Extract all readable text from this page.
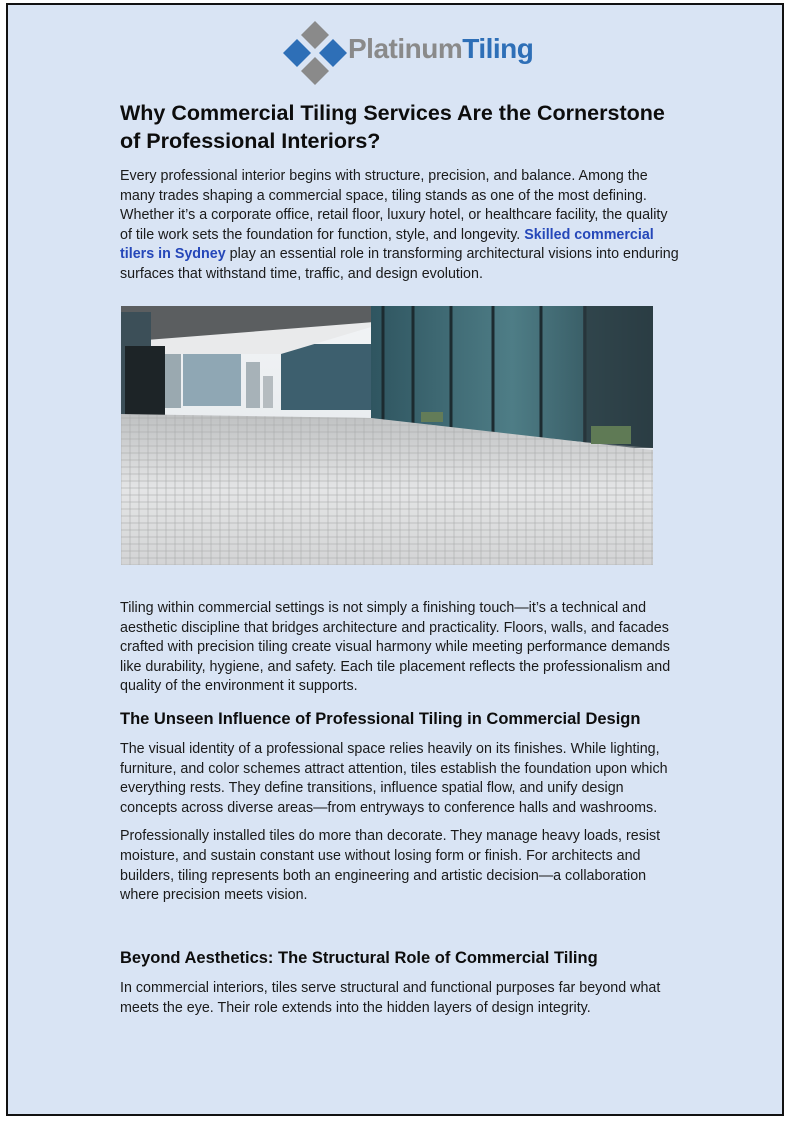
PlatinumTiling
Why Commercial Tiling Services Are the Cornerstone of Professional Interiors?

Every professional interior begins with structure, precision, and balance. Among the many trades shaping a commercial space, tiling stands as one of the most defining. Whether it’s a corporate office, retail floor, luxury hotel, or healthcare facility, the quality of tile work sets the foundation for function, style, and longevity. Skilled commercial tilers in Sydney play an essential role in transforming architectural visions into enduring surfaces that withstand time, traffic, and design evolution.

Tiling within commercial settings is not simply a finishing touch—it’s a technical and aesthetic discipline that bridges architecture and practicality. Floors, walls, and facades crafted with precision tiling create visual harmony while meeting performance demands like durability, hygiene, and safety. Each tile placement reflects the professionalism and quality of the environment it supports.

The Unseen Influence of Professional Tiling in Commercial Design

The visual identity of a professional space relies heavily on its finishes. While lighting, furniture, and color schemes attract attention, tiles establish the foundation upon which everything rests. They define transitions, influence spatial flow, and unify design concepts across diverse areas—from entryways to conference halls and washrooms.

Professionally installed tiles do more than decorate. They manage heavy loads, resist moisture, and sustain constant use without losing form or finish. For architects and builders, tiling represents both an engineering and artistic decision—a collaboration where precision meets vision.

Beyond Aesthetics: The Structural Role of Commercial Tiling

In commercial interiors, tiles serve structural and functional purposes far beyond what meets the eye. Their role extends into the hidden layers of design integrity.
